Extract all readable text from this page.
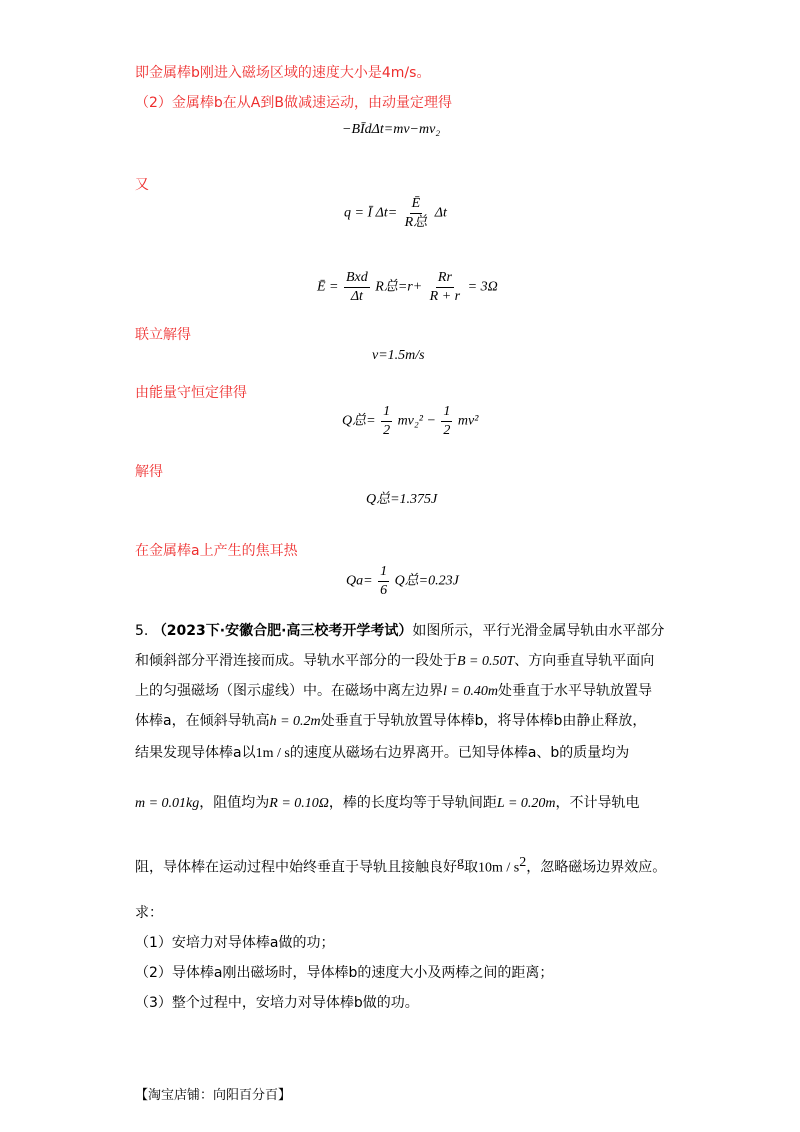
即金属棒b刚进入磁场区域的速度大小是4m/s。
（2）金属棒b在从A到B做减速运动，由动量定理得
−BĪdΔt=mv−mv₂
又
q = Ī $\Delta t= \frac{Ē}{\text{R总}}$ Δt
Ē = $\frac{\text{Bxd}}{\Delta t}$ R总$=r+ \frac{Rr}{R + r} = 3\Omega$
联立解得
v=1.5m/s
由能量守恒定律得
Q总= $\frac{1}{2} mv_2^2 - \frac{1}{2} mv^2$
解得
Q总=1.375J
在金属棒a上产生的焦耳热
$Qa= \frac{1}{6}$ Q总=0.23J
5. （2023下·安徽合肥·高三校考开学考试）如图所示，平行光滑金属导轨由水平部分
和倾斜部分平滑连接而成。导轨水平部分的一段处于B = 0.50T、方向垂直导轨平面向
上的匀强磁场（图示虚线）中。在磁场中离左边界l = 0.40m处垂直于水平导轨放置导
体棒a，在倾斜导轨高h = 0.2m处垂直于导轨放置导体棒b，将导体棒b由静止释放，
结果发现导体棒a以1m / s的速度从磁场右边界离开。已知导体棒a、b的质量均为
m = 0.01kg，阻值均为R = 0.10Ω，棒的长度均等于导轨间距L = 0.20m，不计导轨电
阻，导体棒在运动过程中始终垂直于导轨且接触良好$^g$取$10m / s^2$，忽略磁场边界效应。
求：
（1）安培力对导体棒a做的功；
（2）导体棒a刚出磁场时，导体棒b的速度大小及两棒之间的距离；
（3）整个过程中，安培力对导体棒b做的功。
【淘宝店铺：向阳百分百】
